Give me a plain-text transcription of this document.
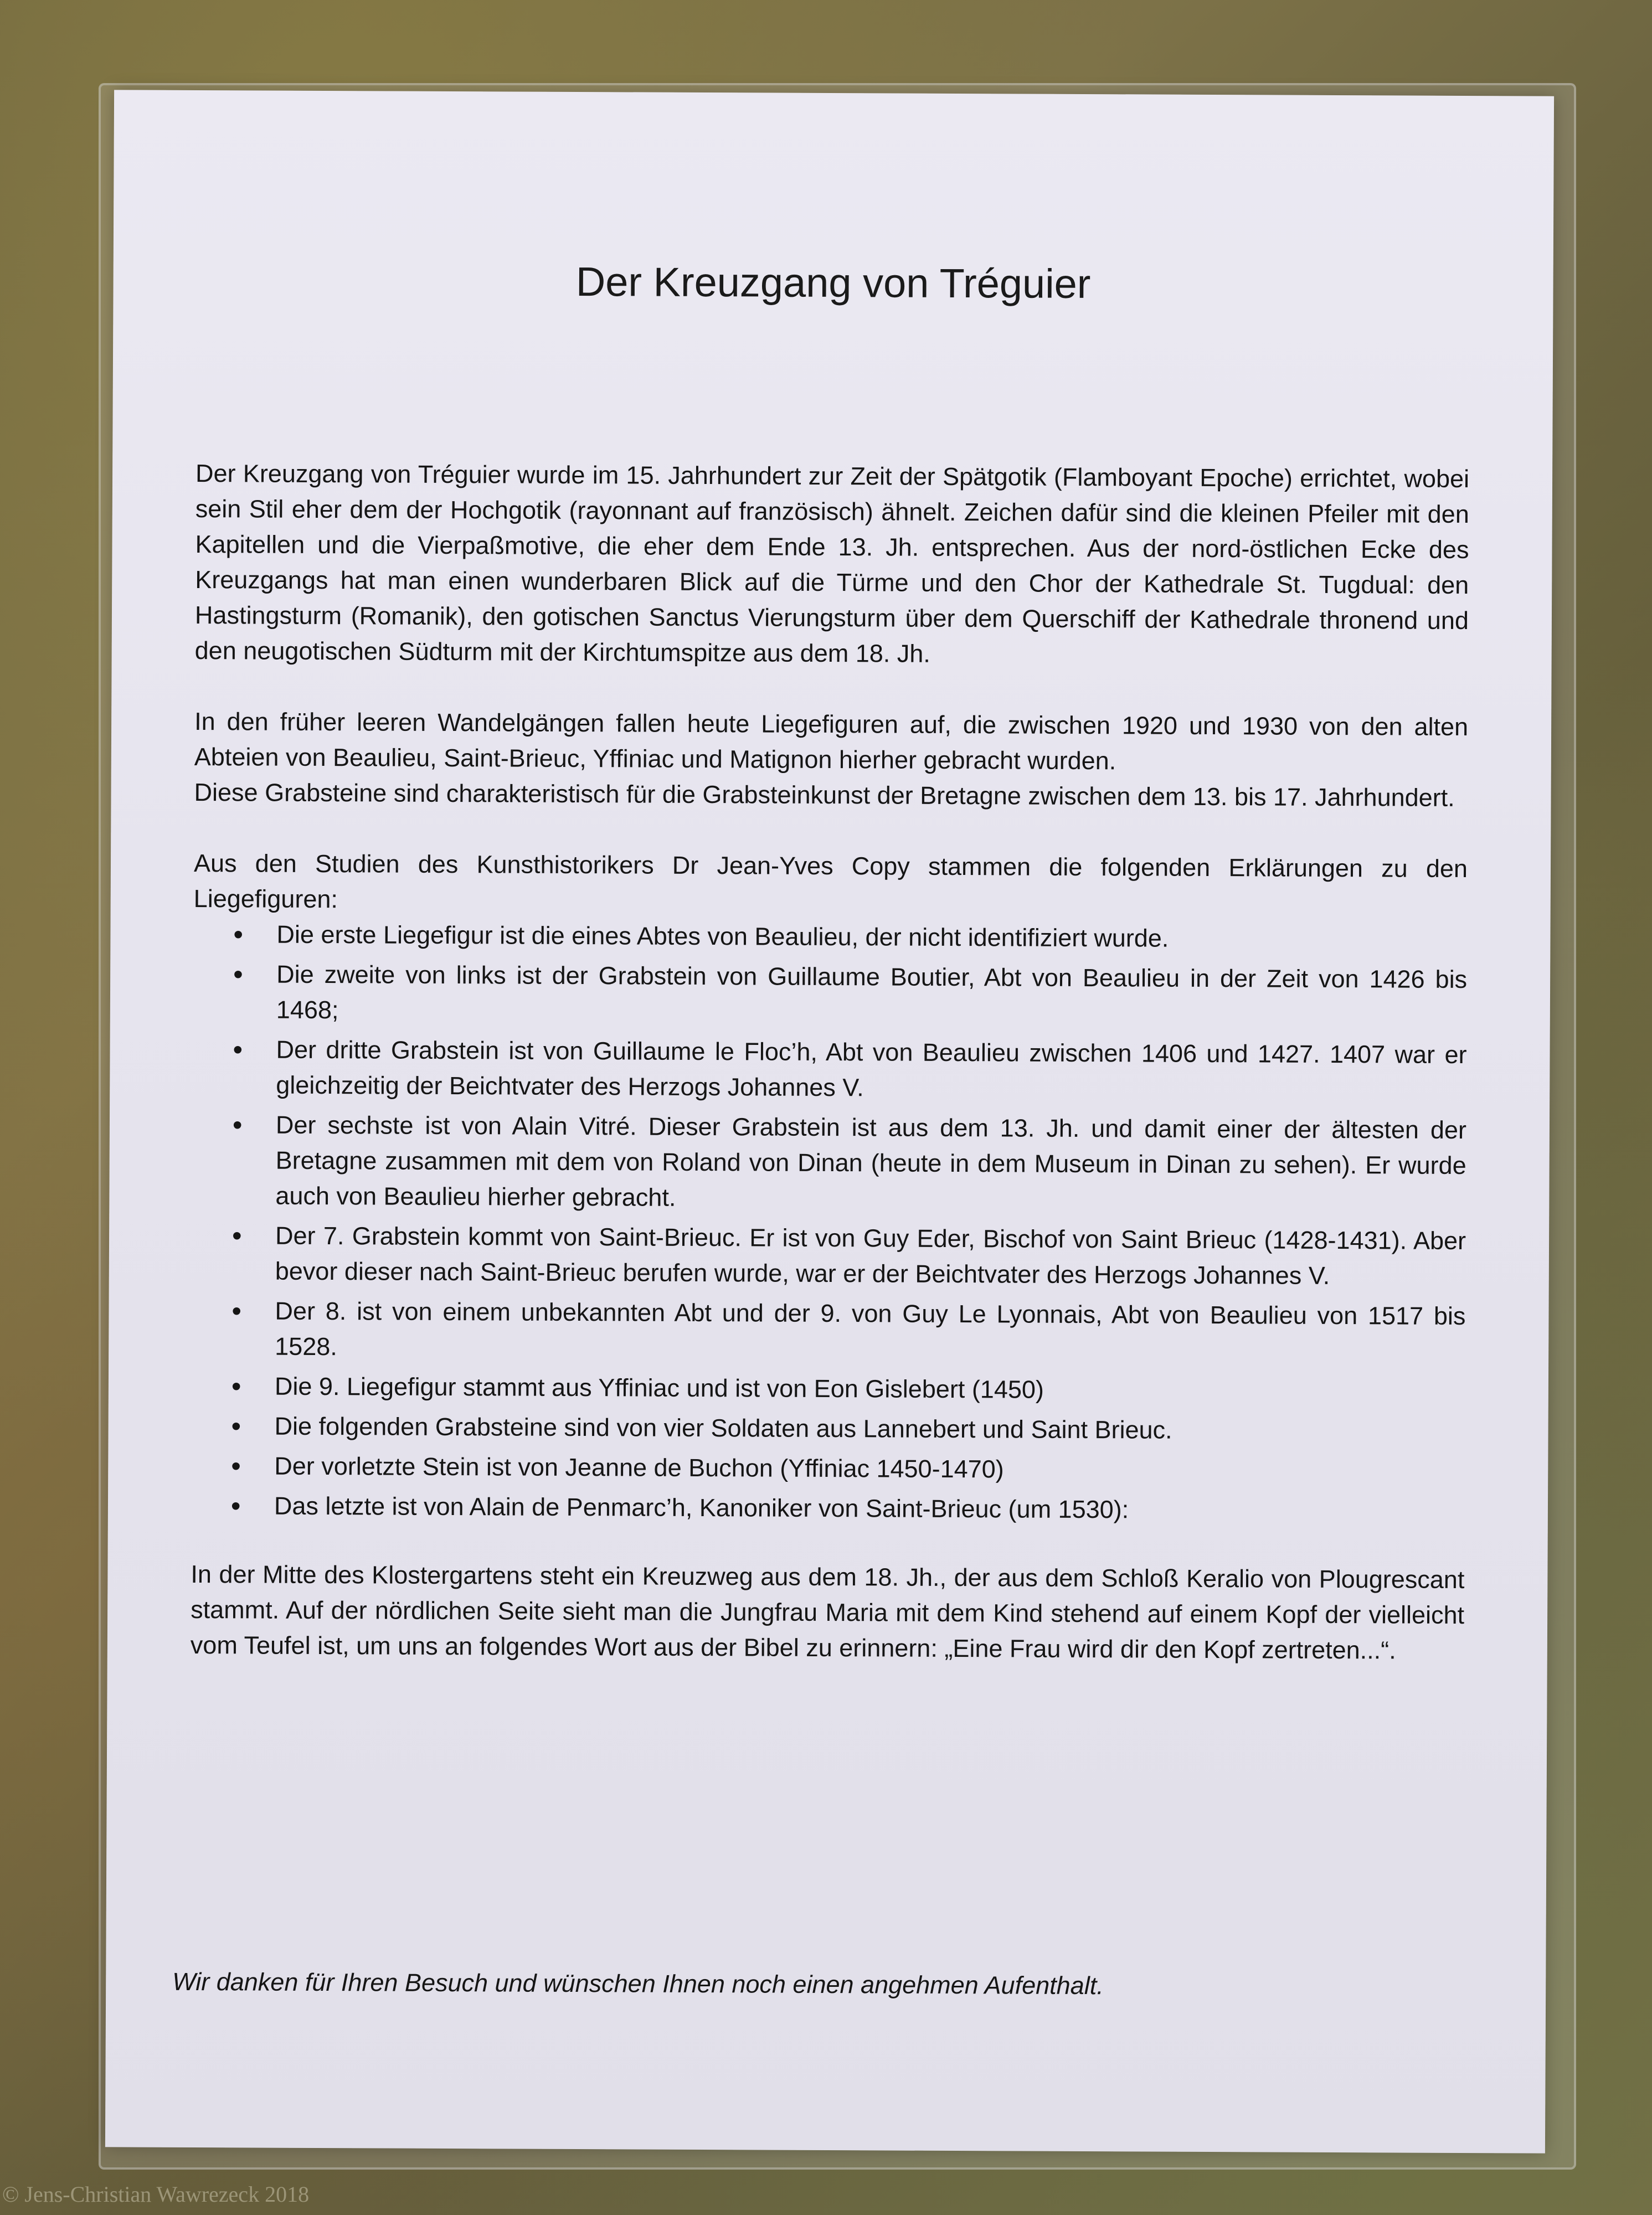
Der Kreuzgang von Tréguier

Der Kreuzgang von Tréguier wurde im 15. Jahrhundert zur Zeit der Spätgotik (Flamboyant Epoche) errichtet, wobei sein Stil eher dem der Hochgotik (rayonnant auf französisch) ähnelt. Zeichen dafür sind die kleinen Pfeiler mit den Kapitellen und die Vierpaßmotive, die eher dem Ende 13. Jh. entsprechen. Aus der nord-östlichen Ecke des Kreuzgangs hat man einen wunderbaren Blick auf die Türme und den Chor der Kathedrale St. Tugdual: den Hastingsturm (Romanik), den gotischen Sanctus Vierungsturm über dem Querschiff der Kathedrale thronend und den neugotischen Südturm mit der Kirchtumspitze aus dem 18. Jh.

In den früher leeren Wandelgängen fallen heute Liegefiguren auf, die zwischen 1920 und 1930 von den alten Abteien von Beaulieu, Saint-Brieuc, Yffiniac und Matignon hierher gebracht wurden.

Diese Grabsteine sind charakteristisch für die Grabsteinkunst der Bretagne zwischen dem 13. bis 17. Jahrhundert.

Aus den Studien des Kunsthistorikers Dr Jean-Yves Copy stammen die folgenden Erklärungen zu den Liegefiguren:

• Die erste Liegefigur ist die eines Abtes von Beaulieu, der nicht identifiziert wurde.
• Die zweite von links ist der Grabstein von Guillaume Boutier, Abt von Beaulieu in der Zeit von 1426 bis 1468;
• Der dritte Grabstein ist von Guillaume le Floc’h, Abt von Beaulieu zwischen 1406 und 1427. 1407 war er gleichzeitig der Beichtvater des Herzogs Johannes V.
• Der sechste ist von Alain Vitré. Dieser Grabstein ist aus dem 13. Jh. und damit einer der ältesten der Bretagne zusammen mit dem von Roland von Dinan (heute in dem Museum in Dinan zu sehen). Er wurde auch von Beaulieu hierher gebracht.
• Der 7. Grabstein kommt von Saint-Brieuc. Er ist von Guy Eder, Bischof von Saint Brieuc (1428-1431). Aber bevor dieser nach Saint-Brieuc berufen wurde, war er der Beichtvater des Herzogs Johannes V.
• Der 8. ist von einem unbekannten Abt und der 9. von Guy Le Lyonnais, Abt von Beaulieu von 1517 bis 1528.
• Die 9. Liegefigur stammt aus Yffiniac und ist von Eon Gislebert (1450)
• Die folgenden Grabsteine sind von vier Soldaten aus Lannebert und Saint Brieuc.
• Der vorletzte Stein ist von Jeanne de Buchon (Yffiniac 1450-1470)
• Das letzte ist von Alain de Penmarc’h, Kanoniker von Saint-Brieuc (um 1530):

In der Mitte des Klostergartens steht ein Kreuzweg aus dem 18. Jh., der aus dem Schloß Keralio von Plougrescant stammt. Auf der nördlichen Seite sieht man die Jungfrau Maria mit dem Kind stehend auf einem Kopf der vielleicht vom Teufel ist, um uns an folgendes Wort aus der Bibel zu erinnern: „Eine Frau wird dir den Kopf zertreten...“.

Wir danken für Ihren Besuch und wünschen Ihnen noch einen angehmen Aufenthalt.

© Jens-Christian Wawrezeck 2018
